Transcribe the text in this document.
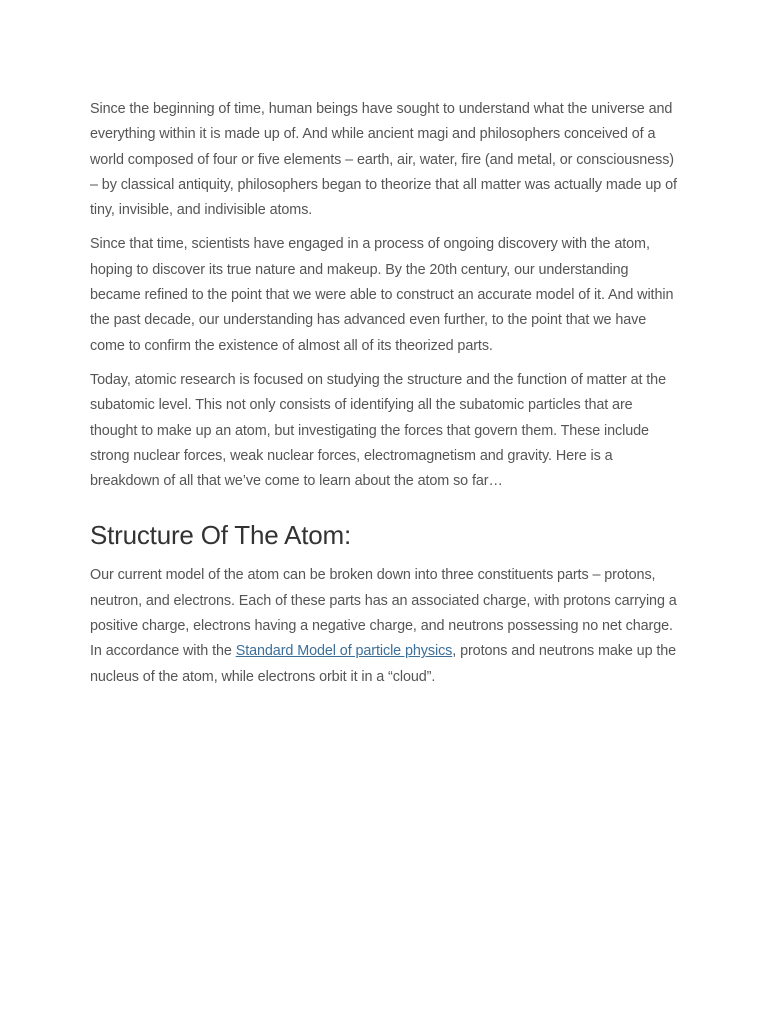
Since the beginning of time, human beings have sought to understand what the universe and everything within it is made up of. And while ancient magi and philosophers conceived of a world composed of four or five elements – earth, air, water, fire (and metal, or consciousness) – by classical antiquity, philosophers began to theorize that all matter was actually made up of tiny, invisible, and indivisible atoms.

Since that time, scientists have engaged in a process of ongoing discovery with the atom, hoping to discover its true nature and makeup. By the 20th century, our understanding became refined to the point that we were able to construct an accurate model of it. And within the past decade, our understanding has advanced even further, to the point that we have come to confirm the existence of almost all of its theorized parts.

Today, atomic research is focused on studying the structure and the function of matter at the subatomic level. This not only consists of identifying all the subatomic particles that are thought to make up an atom, but investigating the forces that govern them. These include strong nuclear forces, weak nuclear forces, electromagnetism and gravity. Here is a breakdown of all that we’ve come to learn about the atom so far…

Structure Of The Atom:

Our current model of the atom can be broken down into three constituents parts – protons, neutron, and electrons. Each of these parts has an associated charge, with protons carrying a positive charge, electrons having a negative charge, and neutrons possessing no net charge. In accordance with the Standard Model of particle physics, protons and neutrons make up the nucleus of the atom, while electrons orbit it in a “cloud”.
